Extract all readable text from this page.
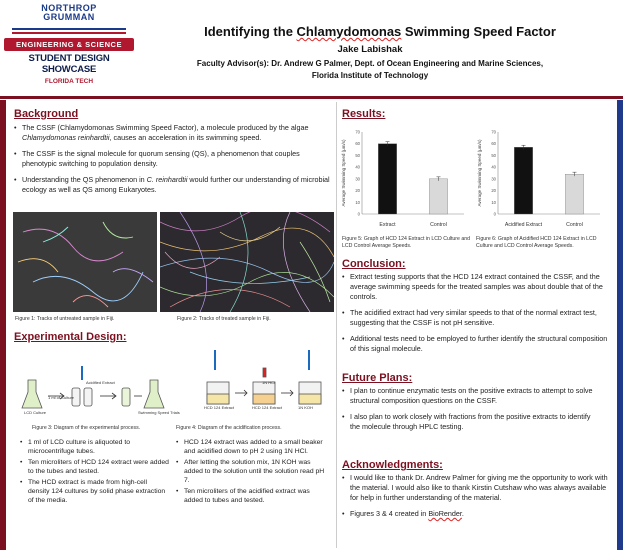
NORTHROP
GRUMMAN
ENGINEERING & SCIENCE
STUDENT DESIGN SHOWCASE
FLORIDA TECH
Identifying the Chlamydomonas Swimming Speed Factor
Jake Labishak
Faculty Advisor(s): Dr. Andrew G Palmer, Dept. of Ocean Engineering and Marine Sciences,
Florida Institute of Technology
Background
• The CSSF (Chlamydomonas Swimming Speed Factor), a molecule produced by the algae Chlamydomonas reinhardtii, causes an acceleration in its swimming speed.
• The CSSF is the signal molecule for quorum sensing (QS), a phenomenon that couples phenotypic switching to population density.
• Understanding the QS phenomenon in C. reinhardtii would further our understanding of microbial ecology as well as QS among Eukaryotes.
Figure 1: Tracks of untreated sample in Fiji.	Figure 2: Tracks of treated sample in Fiji.
Experimental Design:
LCD Culture
1 ml of Culture
Acidified Extract
Swimming Speed Trials
Figure 3: Diagram of the experimental process.
HCD 124 Extract
1N HCl
HCD 124 Extract	1N KOH
Figure 4: Diagram of the acidification process.
• 1 ml of LCD culture is aliquoted to microcentrifuge tubes.
• Ten microliters of HCD 124 extract were added to the tubes and tested.
• The HCD extract is made from high-cell density 124 cultures by solid phase extraction of the media.
• HCD 124 extract was added to a small beaker and acidified down to pH 2 using 1N HCl.
• After letting the solution mix, 1N KOH was added to the solution until the solution read pH 7.
• Ten microliters of the acidified extract was added to tubes and tested.
Results:
Average Swimming Speed (μm/s)
0
10
20
30
40
50
60
70
Extract	Control
Average Swimming Speed (μm/s)
0
10
20
30
40
50
60
70
Acidified Extract	Control
Figure 5: Graph of HCD 124 Extract in LCD Culture and LCD Control Average Speeds.
Figure 6: Graph of Acidified HCD 124 Extract in LCD Culture and LCD Control Average Speeds.
Conclusion:
• Extract testing supports that the HCD 124 extract contained the CSSF, and the average swimming speeds for the treated samples was about double that of the controls.
• The acidified extract had very similar speeds to that of the normal extract test, suggesting that the CSSF is not pH sensitive.
• Additional tests need to be employed to further identify the structural composition of this signal molecule.
Future Plans:
• I plan to continue enzymatic tests on the positive extracts to attempt to solve structural composition questions on the CSSF.
• I also plan to work closely with fractions from the positive extracts to identify the molecule through HPLC testing.
Acknowledgments:
• I would like to thank Dr. Andrew Palmer for giving me the opportunity to work with the material. I would also like to thank Kirstin Cutshaw who was always available for help in further understanding of the material.
• Figures 3 & 4 created in BioRender.
